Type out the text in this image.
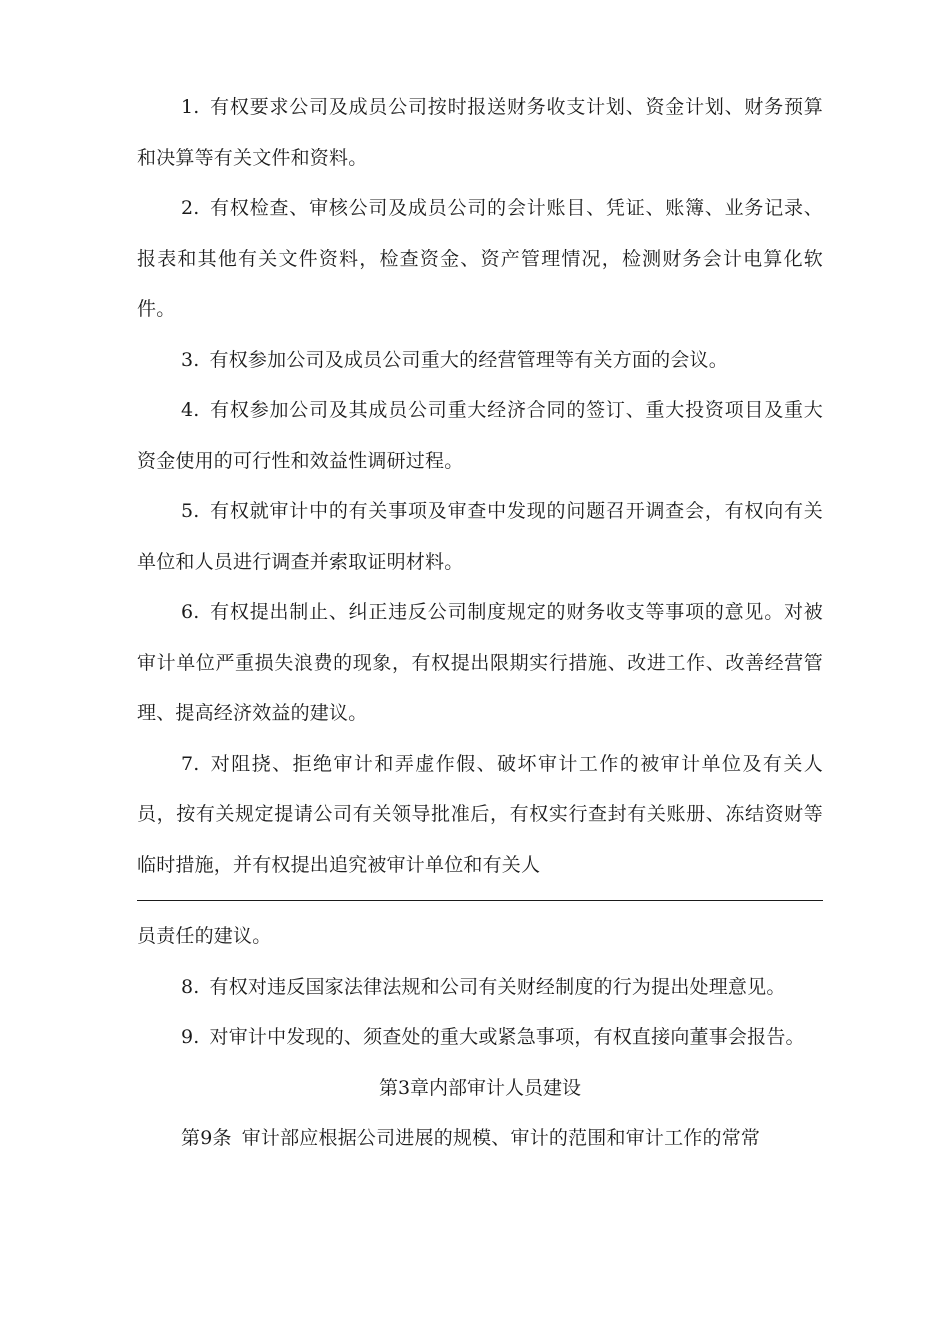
1. 有权要求公司及成员公司按时报送财务收支计划、资金计划、财务预算和决算等有关文件和资料。

2. 有权检查、审核公司及成员公司的会计账目、凭证、账簿、业务记录、报表和其他有关文件资料，检查资金、资产管理情况，检测财务会计电算化软件。

3. 有权参加公司及成员公司重大的经营管理等有关方面的会议。

4. 有权参加公司及其成员公司重大经济合同的签订、重大投资项目及重大资金使用的可行性和效益性调研过程。

5. 有权就审计中的有关事项及审查中发现的问题召开调查会，有权向有关单位和人员进行调查并索取证明材料。

6. 有权提出制止、纠正违反公司制度规定的财务收支等事项的意见。对被审计单位严重损失浪费的现象，有权提出限期实行措施、改进工作、改善经营管理、提高经济效益的建议。

7. 对阻挠、拒绝审计和弄虚作假、破坏审计工作的被审计单位及有关人员，按有关规定提请公司有关领导批准后，有权实行查封有关账册、冻结资财等临时措施，并有权提出追究被审计单位和有关人

员责任的建议。

8. 有权对违反国家法律法规和公司有关财经制度的行为提出处理意见。

9. 对审计中发现的、须查处的重大或紧急事项，有权直接向董事会报告。

第3章内部审计人员建设

第9条 审计部应根据公司进展的规模、审计的范围和审计工作的常常
